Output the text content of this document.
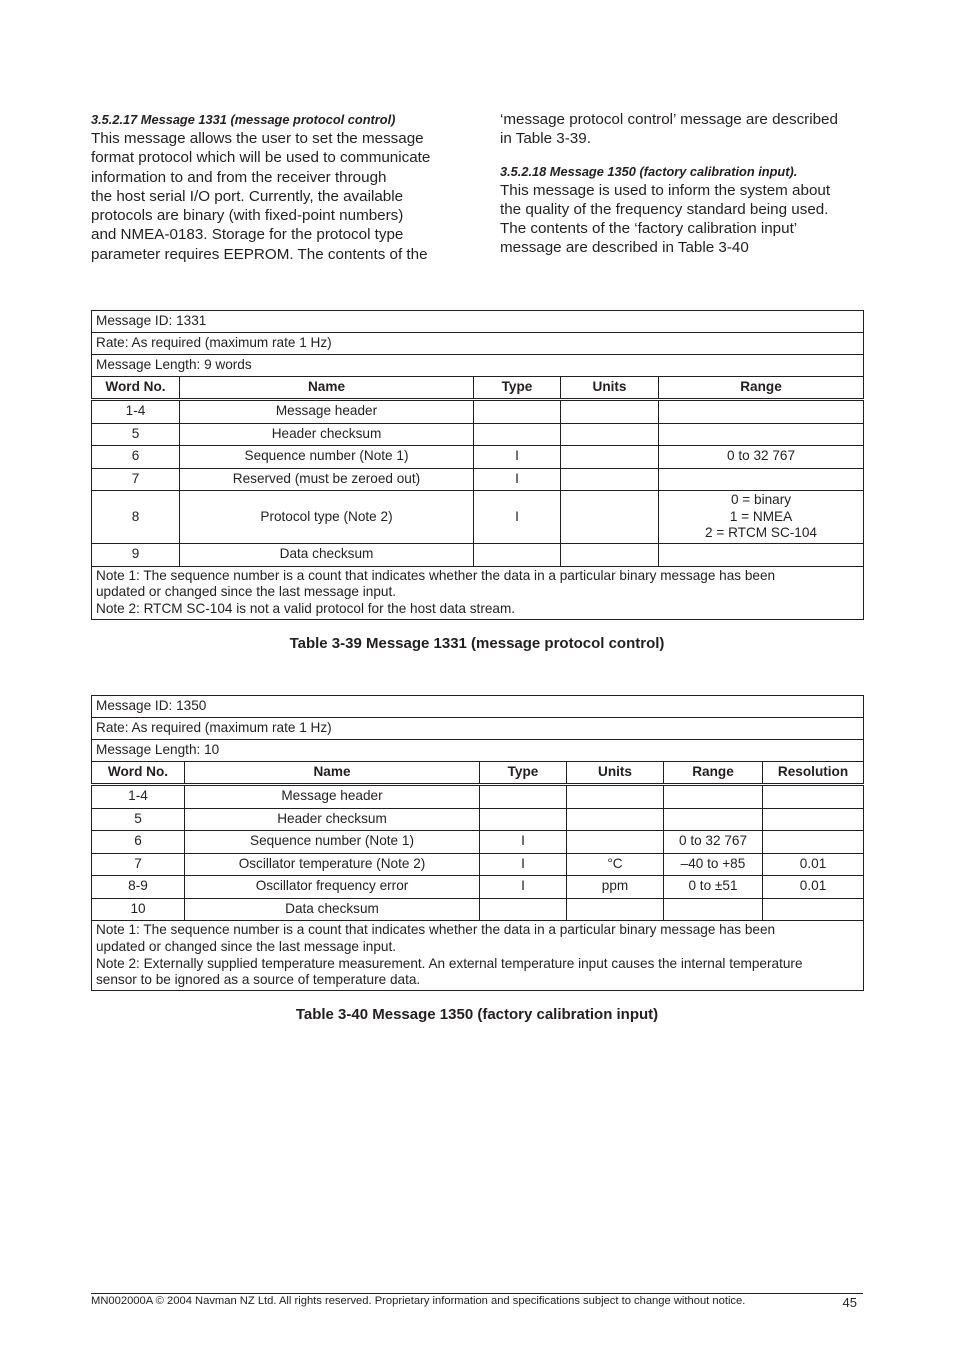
3.5.2.17 Message 1331 (message protocol control)

This message allows the user to set the message

format protocol which will be used to communicate

information to and from the receiver through

the host serial I/O port. Currently, the available

protocols are binary (with fixed-point numbers)

and NMEA-0183. Storage for the protocol type

parameter requires EEPROM. The contents of the

‘message protocol control’ message are described

in Table 3-39.

3.5.2.18 Message 1350 (factory calibration input).

This message is used to inform the system about

the quality of the frequency standard being used.

The contents of the ‘factory calibration input’

message are described in Table 3-40

Message ID: 1331				
Rate: As required (maximum rate 1 Hz)				
Message Length: 9 words				
Word No.	Name	Type	Units	Range
1-4	Message header			
5	Header checksum			
6	Sequence number (Note 1)	I		0 to 32 767
7	Reserved (must be zeroed out)	I		
8	Protocol type (Note 2)	I		0 = binary
1 = NMEA
2 = RTCM SC-104

9	Data checksum			

Note 1: The sequence number is a count that indicates whether the data in a particular binary message has been
updated or changed since the last message input.
Note 2: RTCM SC-104 is not a valid protocol for the host data stream.				
Table 3-39 Message 1331 (message protocol control)
Message ID: 1350					
Rate: As required (maximum rate 1 Hz)					
Message Length: 10					
Word No.	Name	Type	Units	Range	Resolution
1-4	Message header				
5	Header checksum				
6	Sequence number (Note 1)	I		0 to 32 767	
7	Oscillator temperature (Note 2)	I	°C	–40 to +85	0.01
8-9	Oscillator frequency error	I	ppm	0 to ±51	0.01
10	Data checksum				

Note 1: The sequence number is a count that indicates whether the data in a particular binary message has been
updated or changed since the last message input.
Note 2: Externally supplied temperature measurement. An external temperature input causes the internal temperature
sensor to be ignored as a source of temperature data.					
Table 3-40 Message 1350 (factory calibration input)
MN002000A © 2004 Navman NZ Ltd. All rights reserved. Proprietary information and specifications subject to change without notice.	45
